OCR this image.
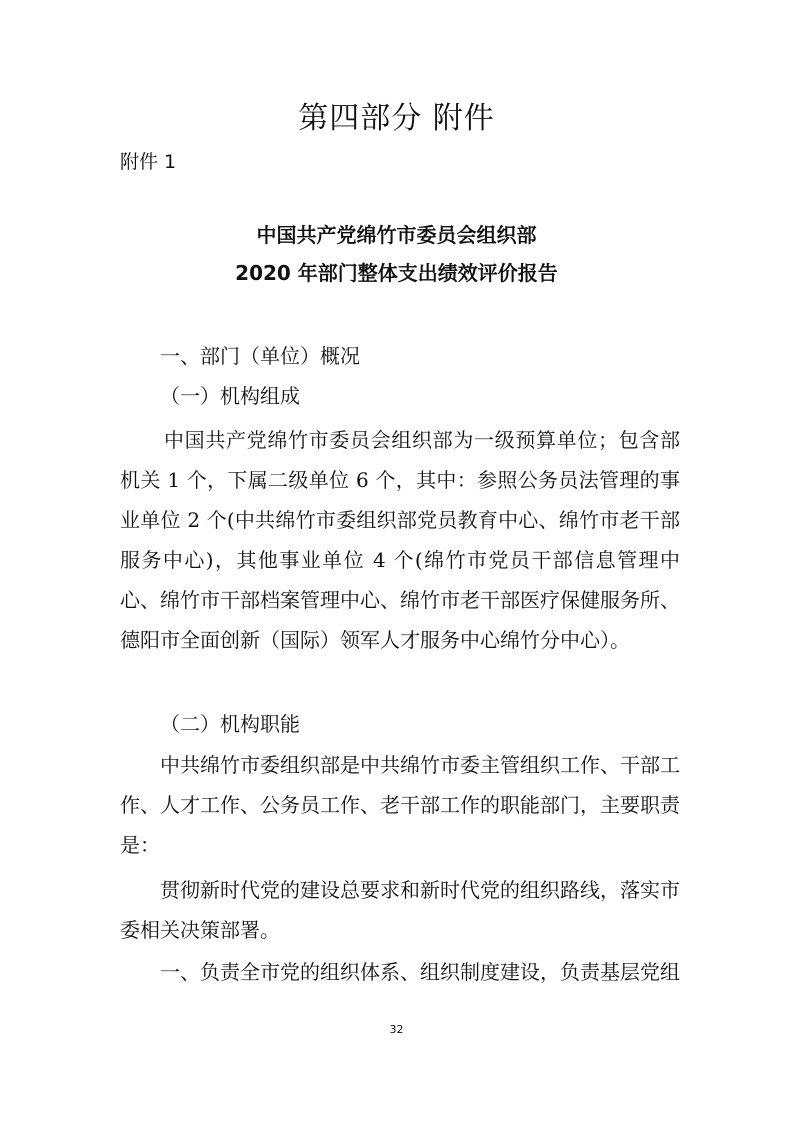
第四部分 附件
附件 1
中国共产党绵竹市委员会组织部
2020 年部门整体支出绩效评价报告

一、部门（单位）概况

（一）机构组成

中国共产党绵竹市委员会组织部为一级预算单位；包含部机关 1 个，下属二级单位 6 个，其中：参照公务员法管理的事业单位 2 个(中共绵竹市委组织部党员教育中心、绵竹市老干部服务中心)，其他事业单位 4 个(绵竹市党员干部信息管理中心、绵竹市干部档案管理中心、绵竹市老干部医疗保健服务所、德阳市全面创新（国际）领军人才服务中心绵竹分中心）。

（二）机构职能

中共绵竹市委组织部是中共绵竹市委主管组织工作、干部工作、人才工作、公务员工作、老干部工作的职能部门，主要职责是：

贯彻新时代党的建设总要求和新时代党的组织路线，落实市委相关决策部署。

一、负责全市党的组织体系、组织制度建设，负责基层党组

32
